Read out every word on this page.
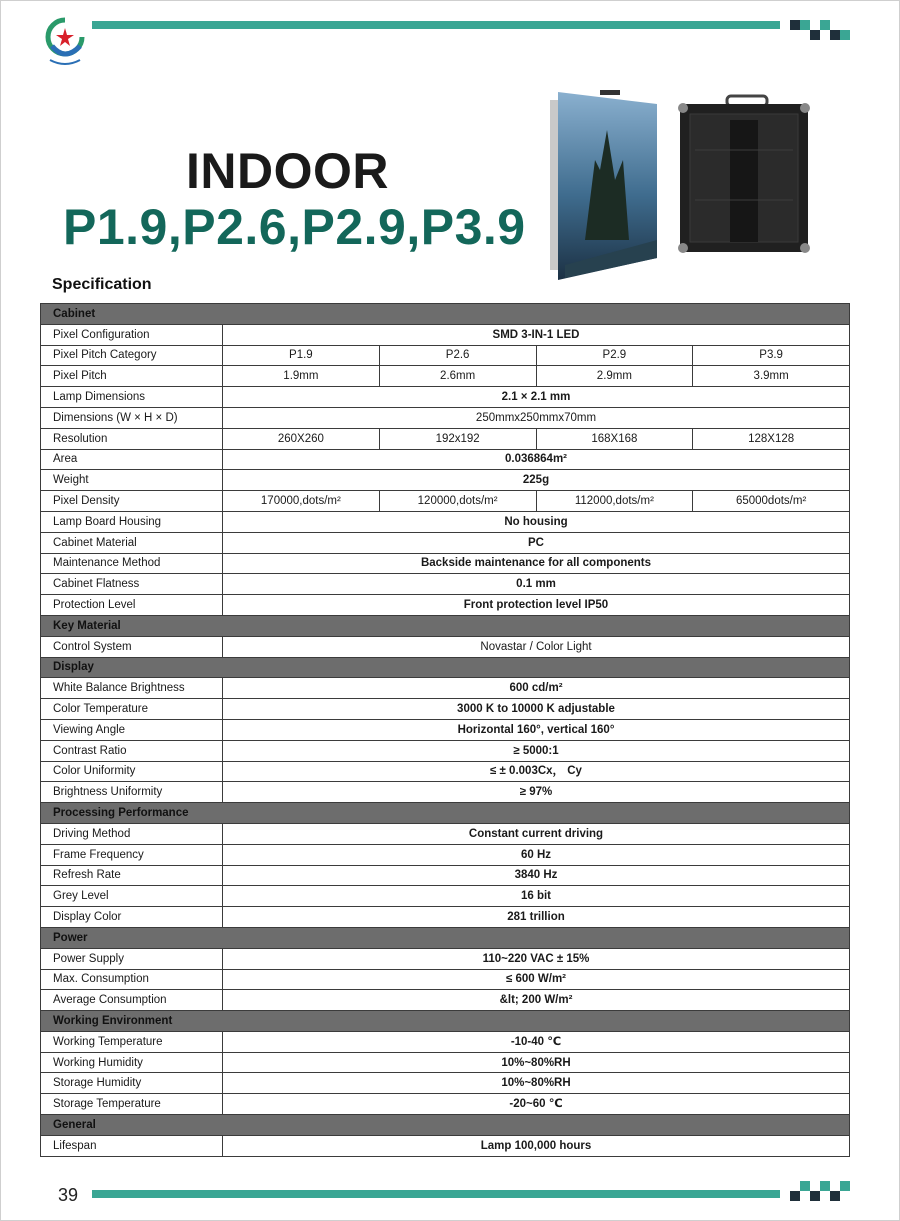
INDOOR
P1.9,P2.6,P2.9,P3.9
Specification
Cabinet				
Pixel Configuration	SMD 3-IN-1 LED			
Pixel Pitch Category	P1.9	P2.6	P2.9	P3.9
Pixel Pitch	1.9mm	2.6mm	2.9mm	3.9mm
Lamp Dimensions	2.1 × 2.1 mm			
Dimensions (W × H × D)	250mmx250mmx70mm			
Resolution	260X260	192x192	168X168	128X128
Area	0.036864m²			
Weight	225g			
Pixel Density	170000,dots/m²	120000,dots/m²	112000,dots/m²	65000dots/m²
Lamp Board Housing	No housing			
Cabinet Material	PC			
Maintenance Method	Backside maintenance for all components			
Cabinet Flatness	0.1 mm			
Protection Level	Front protection level IP50			
Key Material				
Control System	Novastar / Color Light			
Display				
White Balance Brightness	600 cd/m²			
Color Temperature	3000 K to 10000 K adjustable			
Viewing Angle	Horizontal 160°, vertical 160°			
Contrast Ratio	≥ 5000:1			
Color Uniformity	≤ ± 0.003Cx， Cy			
Brightness Uniformity	≥ 97%			
Processing Performance				
Driving Method	Constant current driving			
Frame Frequency	60 Hz			
Refresh Rate	3840 Hz			
Grey Level	16 bit			
Display Color	281 trillion			
Power				
Power Supply	110~220 VAC ± 15%			
Max. Consumption	≤ 600 W/m²			
Average Consumption	&lt; 200 W/m²			
Working Environment				
Working Temperature	-10-40 ℃			
Working Humidity	10%~80%RH			
Storage Humidity	10%~80%RH			
Storage Temperature	-20~60 ℃			
General				
Lifespan	Lamp 100,000 hours			
39
